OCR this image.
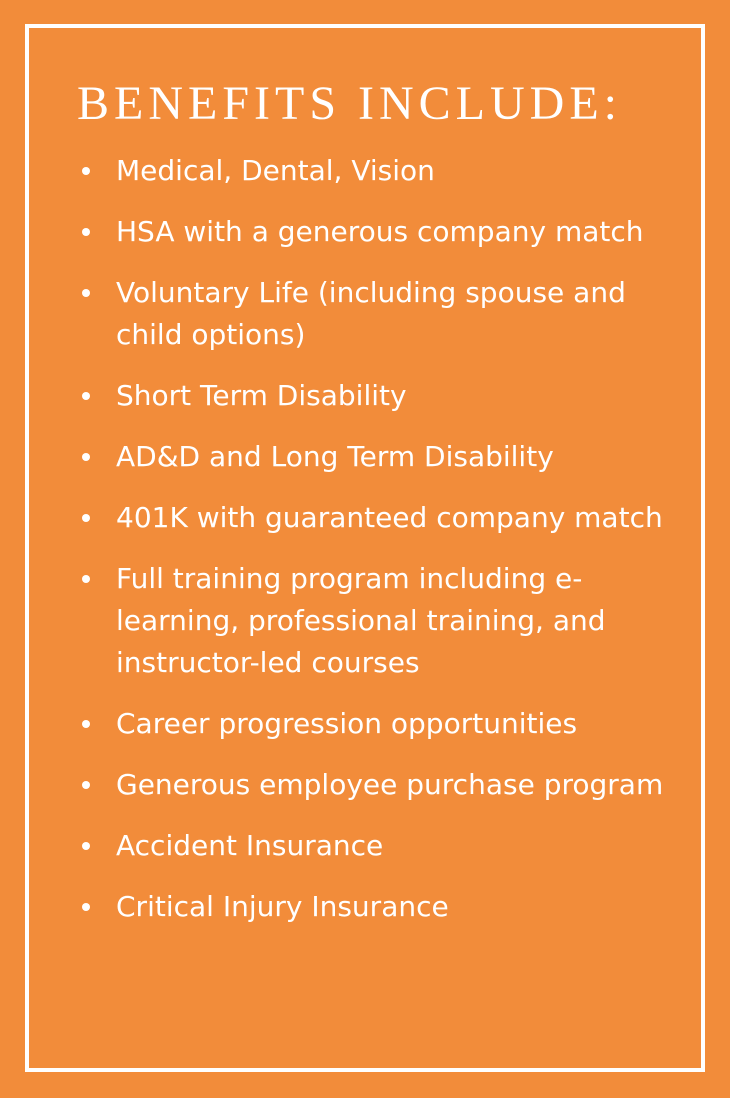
BENEFITS INCLUDE:
Medical, Dental, Vision
HSA with a generous company match
Voluntary Life (including spouse and child options)
Short Term Disability
AD&D and Long Term Disability
401K with guaranteed company match
Full training program including e-learning, professional training, and instructor-led courses
Career progression opportunities
Generous employee purchase program
Accident Insurance
Critical Injury Insurance
